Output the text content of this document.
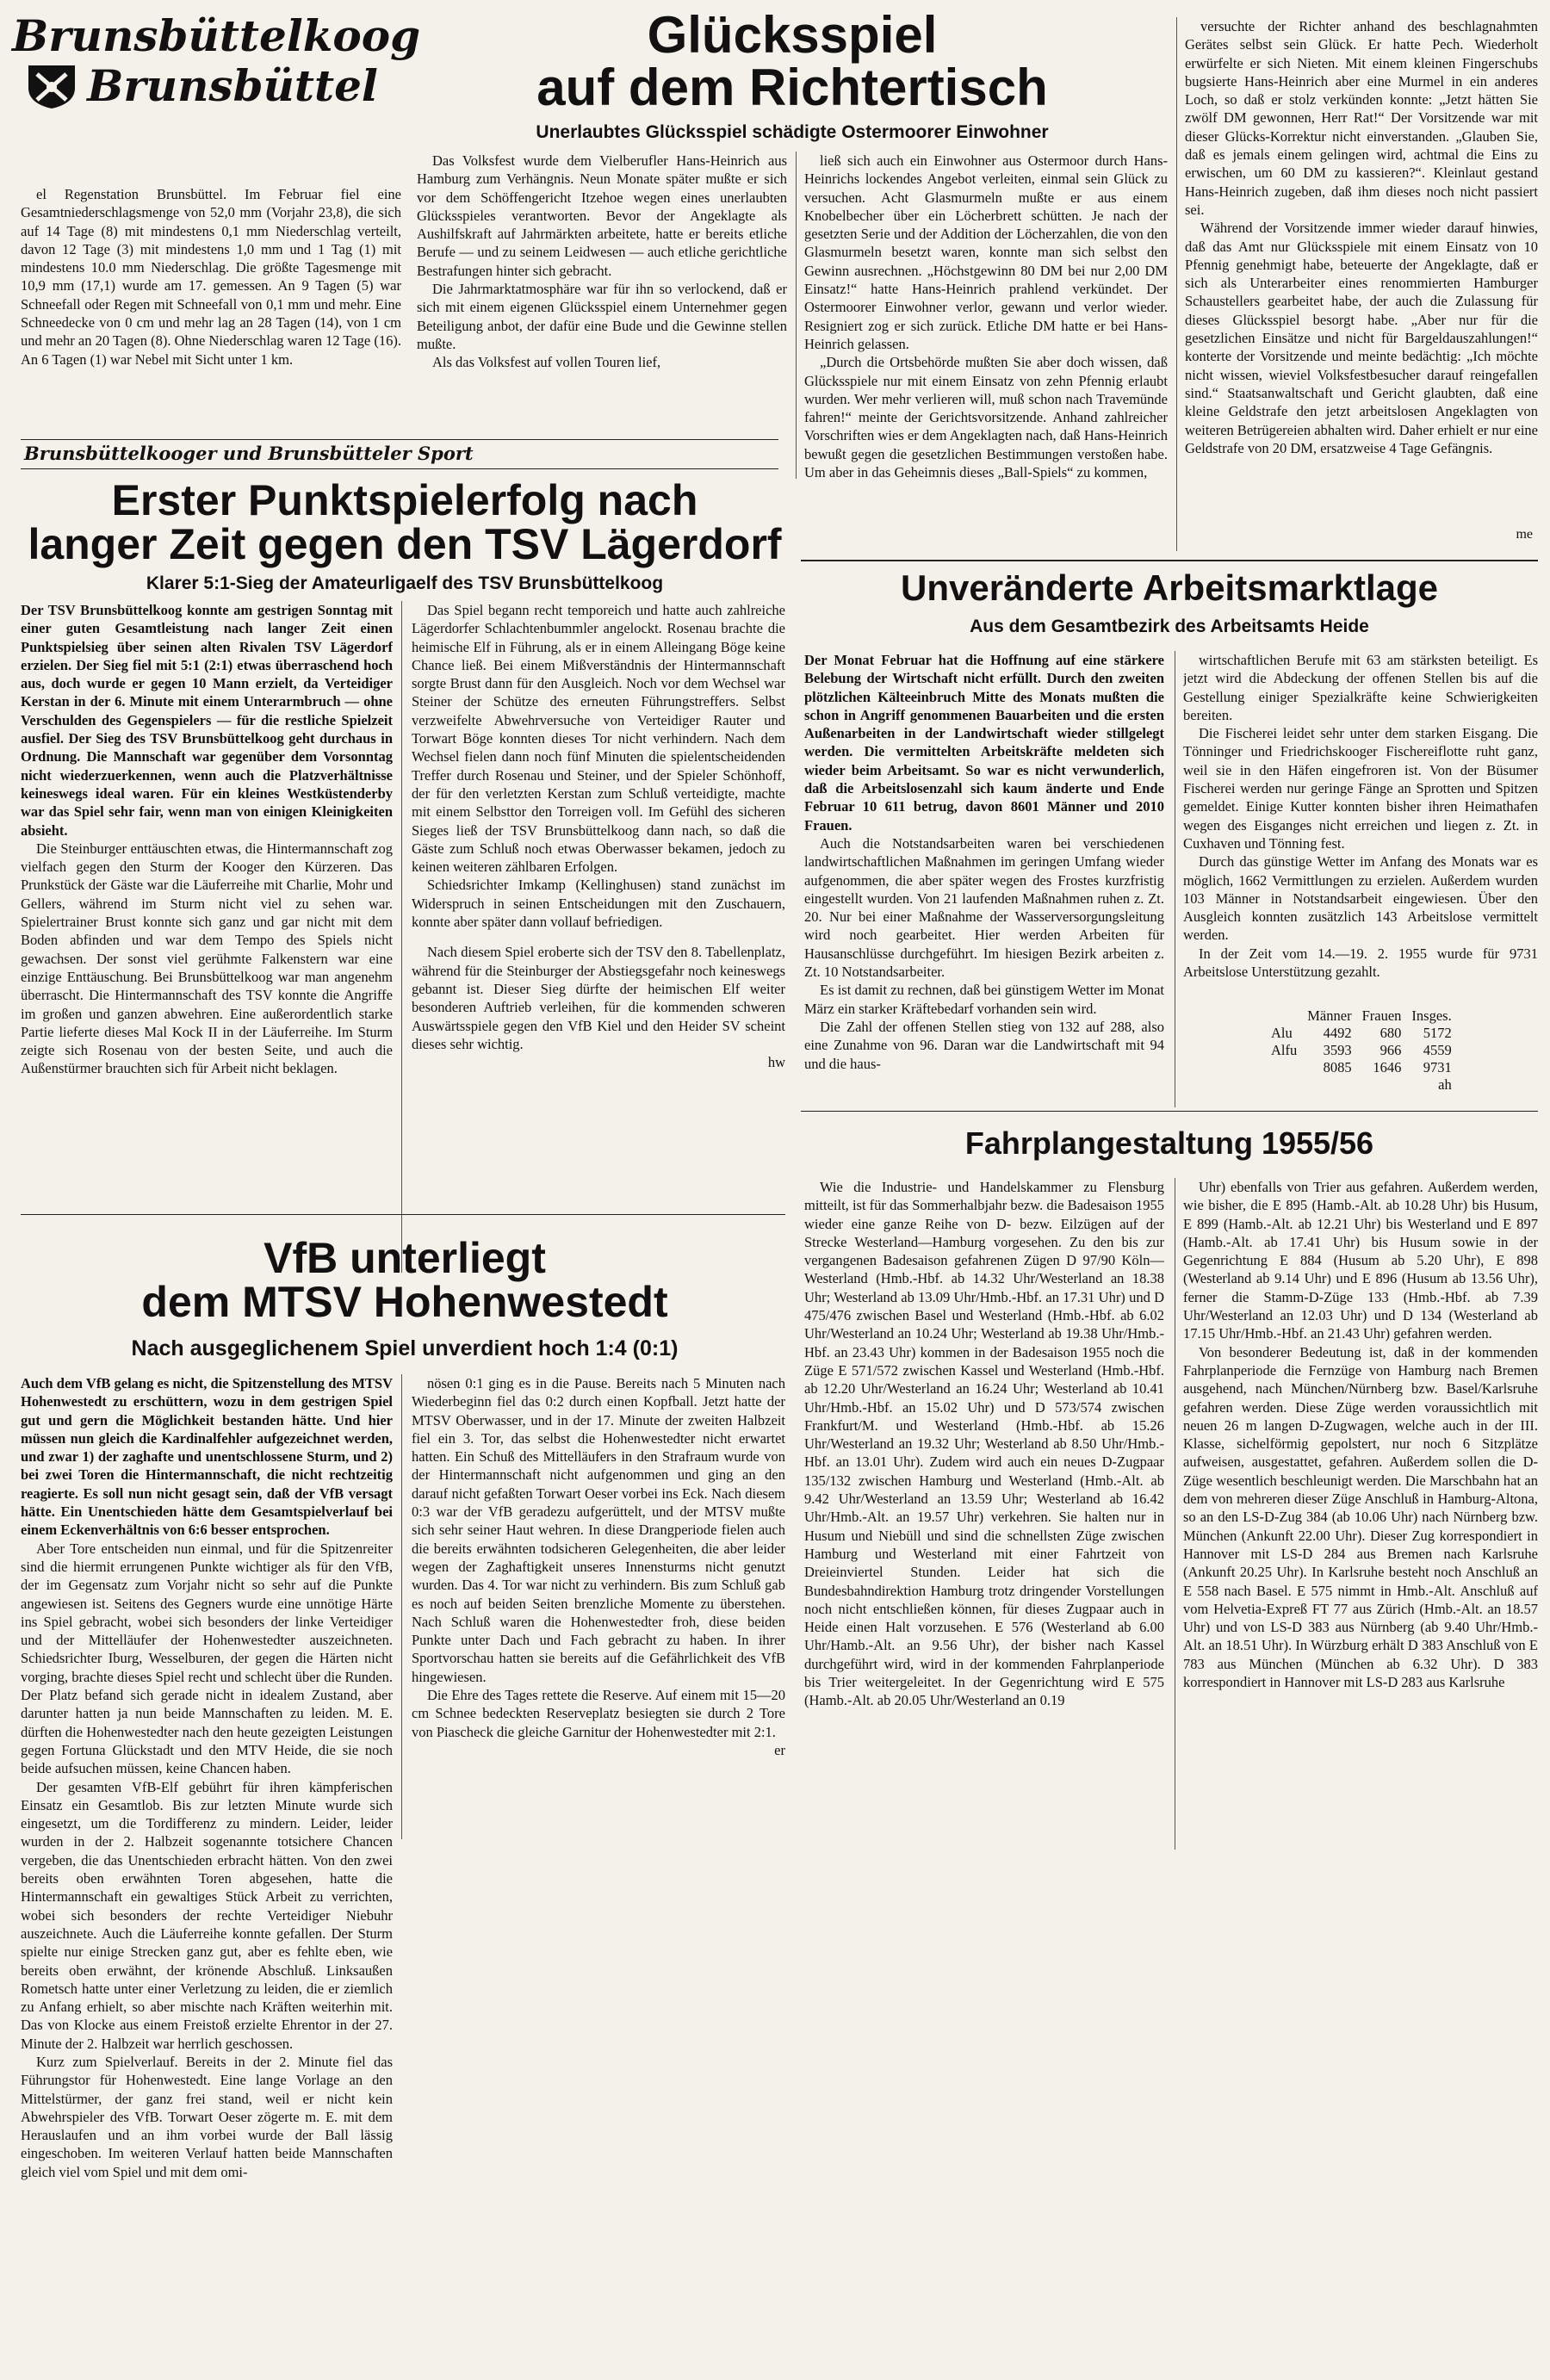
Brunsbüttelkoog
Brunsbüttel

el Regenstation Brunsbüttel. Im Februar fiel eine Gesamtniederschlagsmenge von 52,0 mm (Vorjahr 23,8), die sich auf 14 Tage (8) mit mindestens 0,1 mm Niederschlag verteilt, davon 12 Tage (3) mit mindestens 1,0 mm und 1 Tag (1) mit mindestens 10.0 mm Niederschlag. Die größte Tagesmenge mit 10,9 mm (17,1) wurde am 17. gemessen. An 9 Tagen (5) war Schneefall oder Regen mit Schneefall von 0,1 mm und mehr. Eine Schneedecke von 0 cm und mehr lag an 28 Tagen (14), von 1 cm und mehr an 20 Tagen (8). Ohne Niederschlag waren 12 Tage (16). An 6 Tagen (1) war Nebel mit Sicht unter 1 km.

Glücksspiel
auf dem Richtertisch
Unerlaubtes Glücksspiel schädigte Ostermoorer Einwohner

Das Volksfest wurde dem Vielberufler Hans-Heinrich aus Hamburg zum Verhängnis. Neun Monate später mußte er sich vor dem Schöffengericht Itzehoe wegen eines unerlaubten Glücksspieles verantworten. Bevor der Angeklagte als Aushilfskraft auf Jahrmärkten arbeitete, hatte er bereits etliche Berufe — und zu seinem Leidwesen — auch etliche gerichtliche Bestrafungen hinter sich gebracht.

Die Jahrmarktatmosphäre war für ihn so verlockend, daß er sich mit einem eigenen Glücksspiel einem Unternehmer gegen Beteiligung anbot, der dafür eine Bude und die Gewinne stellen mußte.

Als das Volksfest auf vollen Touren lief,

ließ sich auch ein Einwohner aus Ostermoor durch Hans-Heinrichs lockendes Angebot verleiten, einmal sein Glück zu versuchen. Acht Glasmurmeln mußte er aus einem Knobelbecher über ein Löcherbrett schütten. Je nach der gesetzten Serie und der Addition der Löcherzahlen, die von den Glasmurmeln besetzt waren, konnte man sich selbst den Gewinn ausrechnen. „Höchstgewinn 80 DM bei nur 2,00 DM Einsatz!“ hatte Hans-Heinrich prahlend verkündet. Der Ostermoorer Einwohner verlor, gewann und verlor wieder. Resigniert zog er sich zurück. Etliche DM hatte er bei Hans-Heinrich gelassen.

„Durch die Ortsbehörde mußten Sie aber doch wissen, daß Glücksspiele nur mit einem Einsatz von zehn Pfennig erlaubt wurden. Wer mehr verlieren will, muß schon nach Travemünde fahren!“ meinte der Gerichtsvorsitzende. Anhand zahlreicher Vorschriften wies er dem Angeklagten nach, daß Hans-Heinrich bewußt gegen die gesetzlichen Bestimmungen verstoßen habe. Um aber in das Geheimnis dieses „Ball-Spiels“ zu kommen,

versuchte der Richter anhand des beschlagnahmten Gerätes selbst sein Glück. Er hatte Pech. Wiederholt erwürfelte er sich Nieten. Mit einem kleinen Fingerschubs bugsierte Hans-Heinrich aber eine Murmel in ein anderes Loch, so daß er stolz verkünden konnte: „Jetzt hätten Sie zwölf DM gewonnen, Herr Rat!“ Der Vorsitzende war mit dieser Glücks-Korrektur nicht einverstanden. „Glauben Sie, daß es jemals einem gelingen wird, achtmal die Eins zu erwischen, um 60 DM zu kassieren?“. Kleinlaut gestand Hans-Heinrich zugeben, daß ihm dieses noch nicht passiert sei.

Während der Vorsitzende immer wieder darauf hinwies, daß das Amt nur Glücksspiele mit einem Einsatz von 10 Pfennig genehmigt habe, beteuerte der Angeklagte, daß er sich als Unterarbeiter eines renommierten Hamburger Schaustellers gearbeitet habe, der auch die Zulassung für dieses Glücksspiel besorgt habe. „Aber nur für die gesetzlichen Einsätze und nicht für Bargeldauszahlungen!“ konterte der Vorsitzende und meinte bedächtig: „Ich möchte nicht wissen, wieviel Volksfestbesucher darauf reingefallen sind.“ Staatsanwaltschaft und Gericht glaubten, daß eine kleine Geldstrafe den jetzt arbeitslosen Angeklagten von weiteren Betrügereien abhalten wird. Daher erhielt er nur eine Geldstrafe von 20 DM, ersatzweise 4 Tage Gefängnis.

me
Brunsbüttelkooger und Brunsbütteler Sport
Erster Punktspielerfolg nach
langer Zeit gegen den TSV Lägerdorf
Klarer 5:1-Sieg der Amateurligaelf des TSV Brunsbüttelkoog

Der TSV Brunsbüttelkoog konnte am gestrigen Sonntag mit einer guten Gesamtleistung nach langer Zeit einen Punktspielsieg über seinen alten Rivalen TSV Lägerdorf erzielen. Der Sieg fiel mit 5:1 (2:1) etwas überraschend hoch aus, doch wurde er gegen 10 Mann erzielt, da Verteidiger Kerstan in der 6. Minute mit einem Unterarmbruch — ohne Verschulden des Gegenspielers — für die restliche Spielzeit ausfiel. Der Sieg des TSV Brunsbüttelkoog geht durchaus in Ordnung. Die Mannschaft war gegenüber dem Vorsonntag nicht wiederzuerkennen, wenn auch die Platzverhältnisse keineswegs ideal waren. Für ein kleines Westküstenderby war das Spiel sehr fair, wenn man von einigen Kleinigkeiten absieht.

Die Steinburger enttäuschten etwas, die Hintermannschaft zog vielfach gegen den Sturm der Kooger den Kürzeren. Das Prunkstück der Gäste war die Läuferreihe mit Charlie, Mohr und Gellers, während im Sturm nicht viel zu sehen war. Spielertrainer Brust konnte sich ganz und gar nicht mit dem Boden abfinden und war dem Tempo des Spiels nicht gewachsen. Der sonst viel gerühmte Falkenstern war eine einzige Enttäuschung. Bei Brunsbüttelkoog war man angenehm überrascht. Die Hintermannschaft des TSV konnte die Angriffe im großen und ganzen abwehren. Eine außerordentlich starke Partie lieferte dieses Mal Kock II in der Läuferreihe. Im Sturm zeigte sich Rosenau von der besten Seite, und auch die Außenstürmer brauchten sich für Arbeit nicht beklagen.

Das Spiel begann recht temporeich und hatte auch zahlreiche Lägerdorfer Schlachtenbummler angelockt. Rosenau brachte die heimische Elf in Führung, als er in einem Alleingang Böge keine Chance ließ. Bei einem Mißverständnis der Hintermannschaft sorgte Brust dann für den Ausgleich. Noch vor dem Wechsel war Steiner der Schütze des erneuten Führungstreffers. Selbst verzweifelte Abwehrversuche von Verteidiger Rauter und Torwart Böge konnten dieses Tor nicht verhindern. Nach dem Wechsel fielen dann noch fünf Minuten die spielentscheidenden Treffer durch Rosenau und Steiner, und der Spieler Schönhoff, der für den verletzten Kerstan zum Schluß verteidigte, machte mit einem Selbsttor den Torreigen voll. Im Gefühl des sicheren Sieges ließ der TSV Brunsbüttelkoog dann nach, so daß die Gäste zum Schluß noch etwas Oberwasser bekamen, jedoch zu keinen weiteren zählbaren Erfolgen.

Schiedsrichter Imkamp (Kellinghusen) stand zunächst im Widerspruch in seinen Entscheidungen mit den Zuschauern, konnte aber später dann vollauf befriedigen.

Nach diesem Spiel eroberte sich der TSV den 8. Tabellenplatz, während für die Steinburger der Abstiegsgefahr noch keineswegs gebannt ist. Dieser Sieg dürfte der heimischen Elf weiter besonderen Auftrieb verleihen, für die kommenden schweren Auswärtsspiele gegen den VfB Kiel und den Heider SV scheint dieses sehr wichtig.

hw
Unveränderte Arbeitsmarktlage
Aus dem Gesamtbezirk des Arbeitsamts Heide

Der Monat Februar hat die Hoffnung auf eine stärkere Belebung der Wirtschaft nicht erfüllt. Durch den zweiten plötzlichen Kälteeinbruch Mitte des Monats mußten die schon in Angriff genommenen Bauarbeiten und die ersten Außenarbeiten in der Landwirtschaft wieder stillgelegt werden. Die vermittelten Arbeitskräfte meldeten sich wieder beim Arbeitsamt. So war es nicht verwunderlich, daß die Arbeitslosenzahl sich kaum änderte und Ende Februar 10 611 betrug, davon 8601 Männer und 2010 Frauen.

Auch die Notstandsarbeiten waren bei verschiedenen landwirtschaftlichen Maßnahmen im geringen Umfang wieder aufgenommen, die aber später wegen des Frostes kurzfristig eingestellt wurden. Von 21 laufenden Maßnahmen ruhen z. Zt. 20. Nur bei einer Maßnahme der Wasserversorgungsleitung wird noch gearbeitet. Hier werden Arbeiten für Hausanschlüsse durchgeführt. Im hiesigen Bezirk arbeiten z. Zt. 10 Notstandsarbeiter.

Es ist damit zu rechnen, daß bei günstigem Wetter im Monat März ein starker Kräftebedarf vorhanden sein wird.

Die Zahl der offenen Stellen stieg von 132 auf 288, also eine Zunahme von 96. Daran war die Landwirtschaft mit 94 und die haus-

wirtschaftlichen Berufe mit 63 am stärksten beteiligt. Es jetzt wird die Abdeckung der offenen Stellen bis auf die Gestellung einiger Spezialkräfte keine Schwierigkeiten bereiten.

Die Fischerei leidet sehr unter dem starken Eisgang. Die Tönninger und Friedrichskooger Fischereiflotte ruht ganz, weil sie in den Häfen eingefroren ist. Von der Büsumer Fischerei werden nur geringe Fänge an Sprotten und Spitzen gemeldet. Einige Kutter konnten bisher ihren Heimathafen wegen des Eisganges nicht erreichen und liegen z. Zt. in Cuxhaven und Tönning fest.

Durch das günstige Wetter im Anfang des Monats war es möglich, 1662 Vermittlungen zu erzielen. Außerdem wurden 103 Männer in Notstandsarbeit eingewiesen. Über den Ausgleich konnten zusätzlich 143 Arbeitslose vermittelt werden.

In der Zeit vom 14.—19. 2. 1955 wurde für 9731 Arbeitslose Unterstützung gezahlt.

	Männer	Frauen	Insges.
Alu	4492	680	5172
Alfu	3593	966	4559
	8085	1646	9731
			ah
VfB unterliegt
dem MTSV Hohenwestedt
Nach ausgeglichenem Spiel unverdient hoch 1:4 (0:1)

Auch dem VfB gelang es nicht, die Spitzenstellung des MTSV Hohenwestedt zu erschüttern, wozu in dem gestrigen Spiel gut und gern die Möglichkeit bestanden hätte. Und hier müssen nun gleich die Kardinalfehler aufgezeichnet werden, und zwar 1) der zaghafte und unentschlossene Sturm, und 2) bei zwei Toren die Hintermannschaft, die nicht rechtzeitig reagierte. Es soll nun nicht gesagt sein, daß der VfB versagt hätte. Ein Unentschieden hätte dem Gesamtspielverlauf bei einem Eckenverhältnis von 6:6 besser entsprochen.

Aber Tore entscheiden nun einmal, und für die Spitzenreiter sind die hiermit errungenen Punkte wichtiger als für den VfB, der im Gegensatz zum Vorjahr nicht so sehr auf die Punkte angewiesen ist. Seitens des Gegners wurde eine unnötige Härte ins Spiel gebracht, wobei sich besonders der linke Verteidiger und der Mittelläufer der Hohenwestedter auszeichneten. Schiedsrichter Iburg, Wesselburen, der gegen die Härten nicht vorging, brachte dieses Spiel recht und schlecht über die Runden. Der Platz befand sich gerade nicht in idealem Zustand, aber darunter hatten ja nun beide Mannschaften zu leiden. M. E. dürften die Hohenwestedter nach den heute gezeigten Leistungen gegen Fortuna Glückstadt und den MTV Heide, die sie noch beide aufsuchen müssen, keine Chancen haben.

Der gesamten VfB-Elf gebührt für ihren kämpferischen Einsatz ein Gesamtlob. Bis zur letzten Minute wurde sich eingesetzt, um die Tordifferenz zu mindern. Leider, leider wurden in der 2. Halbzeit sogenannte totsichere Chancen vergeben, die das Unentschieden erbracht hätten. Von den zwei bereits oben erwähnten Toren abgesehen, hatte die Hintermannschaft ein gewaltiges Stück Arbeit zu verrichten, wobei sich besonders der rechte Verteidiger Niebuhr auszeichnete. Auch die Läuferreihe konnte gefallen. Der Sturm spielte nur einige Strecken ganz gut, aber es fehlte eben, wie bereits oben erwähnt, der krönende Abschluß. Linksaußen Rometsch hatte unter einer Verletzung zu leiden, die er ziemlich zu Anfang erhielt, so aber mischte nach Kräften weiterhin mit. Das von Klocke aus einem Freistoß erzielte Ehrentor in der 27. Minute der 2. Halbzeit war herrlich geschossen.

Kurz zum Spielverlauf. Bereits in der 2. Minute fiel das Führungstor für Hohenwestedt. Eine lange Vorlage an den Mittelstürmer, der ganz frei stand, weil er nicht kein Abwehrspieler des VfB. Torwart Oeser zögerte m. E. mit dem Herauslaufen und an ihm vorbei wurde der Ball lässig eingeschoben. Im weiteren Verlauf hatten beide Mannschaften gleich viel vom Spiel und mit dem omi-

nösen 0:1 ging es in die Pause. Bereits nach 5 Minuten nach Wiederbeginn fiel das 0:2 durch einen Kopfball. Jetzt hatte der MTSV Oberwasser, und in der 17. Minute der zweiten Halbzeit fiel ein 3. Tor, das selbst die Hohenwestedter nicht erwartet hatten. Ein Schuß des Mittelläufers in den Strafraum wurde von der Hintermannschaft nicht aufgenommen und ging an den darauf nicht gefaßten Torwart Oeser vorbei ins Eck. Nach diesem 0:3 war der VfB geradezu aufgerüttelt, und der MTSV mußte sich sehr seiner Haut wehren. In diese Drangperiode fielen auch die bereits erwähnten todsicheren Gelegenheiten, die aber leider wegen der Zaghaftigkeit unseres Innensturms nicht genutzt wurden. Das 4. Tor war nicht zu verhindern. Bis zum Schluß gab es noch auf beiden Seiten brenzliche Momente zu überstehen. Nach Schluß waren die Hohenwestedter froh, diese beiden Punkte unter Dach und Fach gebracht zu haben. In ihrer Sportvorschau hatten sie bereits auf die Gefährlichkeit des VfB hingewiesen.

Die Ehre des Tages rettete die Reserve. Auf einem mit 15—20 cm Schnee bedeckten Reserveplatz besiegten sie durch 2 Tore von Piascheck die gleiche Garnitur der Hohenwestedter mit 2:1.

er
Fahrplangestaltung 1955/56

Wie die Industrie- und Handelskammer zu Flensburg mitteilt, ist für das Sommerhalbjahr bezw. die Badesaison 1955 wieder eine ganze Reihe von D- bezw. Eilzügen auf der Strecke Westerland—Hamburg vorgesehen. Zu den bis zur vergangenen Badesaison gefahrenen Zügen D 97/90 Köln—Westerland (Hmb.-Hbf. ab 14.32 Uhr/Westerland an 18.38 Uhr; Westerland ab 13.09 Uhr/Hmb.-Hbf. an 17.31 Uhr) und D 475/476 zwischen Basel und Westerland (Hmb.-Hbf. ab 6.02 Uhr/Westerland an 10.24 Uhr; Westerland ab 19.38 Uhr/Hmb.-Hbf. an 23.43 Uhr) kommen in der Badesaison 1955 noch die Züge E 571/572 zwischen Kassel und Westerland (Hmb.-Hbf. ab 12.20 Uhr/Westerland an 16.24 Uhr; Westerland ab 10.41 Uhr/Hmb.-Hbf. an 15.02 Uhr) und D 573/574 zwischen Frankfurt/M. und Westerland (Hmb.-Hbf. ab 15.26 Uhr/Westerland an 19.32 Uhr; Westerland ab 8.50 Uhr/Hmb.-Hbf. an 13.01 Uhr). Zudem wird auch ein neues D-Zugpaar 135/132 zwischen Hamburg und Westerland (Hmb.-Alt. ab 9.42 Uhr/Westerland an 13.59 Uhr; Westerland ab 16.42 Uhr/Hmb.-Alt. an 19.57 Uhr) verkehren. Sie halten nur in Husum und Niebüll und sind die schnellsten Züge zwischen Hamburg und Westerland mit einer Fahrtzeit von Dreieinviertel Stunden. Leider hat sich die Bundesbahndirektion Hamburg trotz dringender Vorstellungen noch nicht entschließen können, für dieses Zugpaar auch in Heide einen Halt vorzusehen. E 576 (Westerland ab 6.00 Uhr/Hamb.-Alt. an 9.56 Uhr), der bisher nach Kassel durchgeführt wird, wird in der kommenden Fahrplanperiode bis Trier weitergeleitet. In der Gegenrichtung wird E 575 (Hamb.-Alt. ab 20.05 Uhr/Westerland an 0.19

Uhr) ebenfalls von Trier aus gefahren. Außerdem werden, wie bisher, die E 895 (Hamb.-Alt. ab 10.28 Uhr) bis Husum, E 899 (Hamb.-Alt. ab 12.21 Uhr) bis Westerland und E 897 (Hamb.-Alt. ab 17.41 Uhr) bis Husum sowie in der Gegenrichtung E 884 (Husum ab 5.20 Uhr), E 898 (Westerland ab 9.14 Uhr) und E 896 (Husum ab 13.56 Uhr), ferner die Stamm-D-Züge 133 (Hmb.-Hbf. ab 7.39 Uhr/Westerland an 12.03 Uhr) und D 134 (Westerland ab 17.15 Uhr/Hmb.-Hbf. an 21.43 Uhr) gefahren werden.

Von besonderer Bedeutung ist, daß in der kommenden Fahrplanperiode die Fernzüge von Hamburg nach Bremen ausgehend, nach München/Nürnberg bzw. Basel/Karlsruhe gefahren werden. Diese Züge werden voraussichtlich mit neuen 26 m langen D-Zugwagen, welche auch in der III. Klasse, sichelförmig gepolstert, nur noch 6 Sitzplätze aufweisen, ausgestattet, gefahren. Außerdem sollen die D-Züge wesentlich beschleunigt werden. Die Marschbahn hat an dem von mehreren dieser Züge Anschluß in Hamburg-Altona, so an den LS-D-Zug 384 (ab 10.06 Uhr) nach Nürnberg bzw. München (Ankunft 22.00 Uhr). Dieser Zug korrespondiert in Hannover mit LS-D 284 aus Bremen nach Karlsruhe (Ankunft 20.25 Uhr). In Karlsruhe besteht noch Anschluß an E 558 nach Basel. E 575 nimmt in Hmb.-Alt. Anschluß auf vom Helvetia-Expreß FT 77 aus Zürich (Hmb.-Alt. an 18.57 Uhr) und von LS-D 383 aus Nürnberg (ab 9.40 Uhr/Hmb.-Alt. an 18.51 Uhr). In Würzburg erhält D 383 Anschluß von E 783 aus München (München ab 6.32 Uhr). D 383 korrespondiert in Hannover mit LS-D 283 aus Karlsruhe
